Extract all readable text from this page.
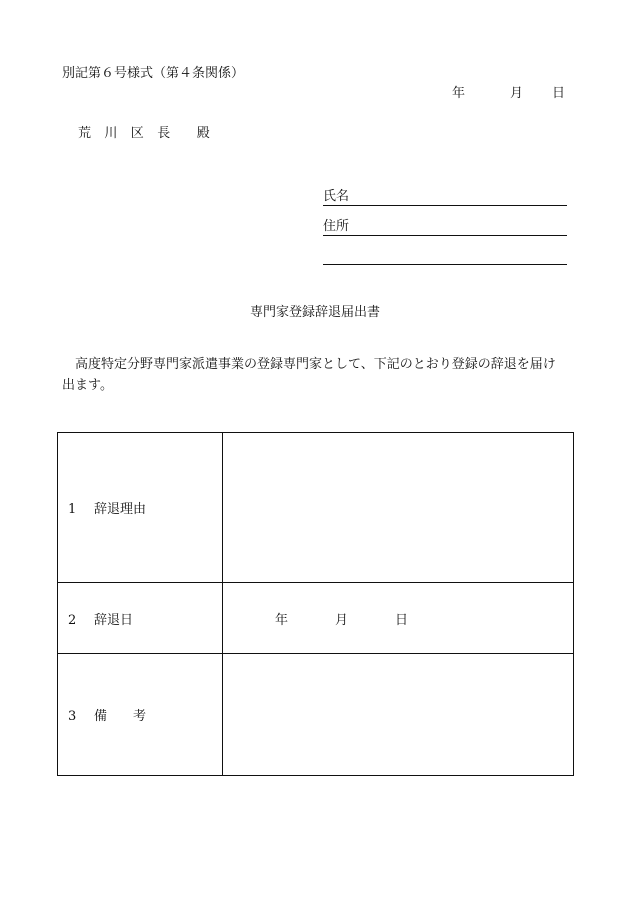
別記第６号様式（第４条関係）
年	月 日
荒　川　区　長　　殿
氏名
住所
専門家登録辞退届出書
高度特定分野専門家派遣事業の登録専門家として、下記のとおり登録の辞退を届け
出ます。
1 辞退理由	
2 辞退日	年 月 日
3 備　　考	
